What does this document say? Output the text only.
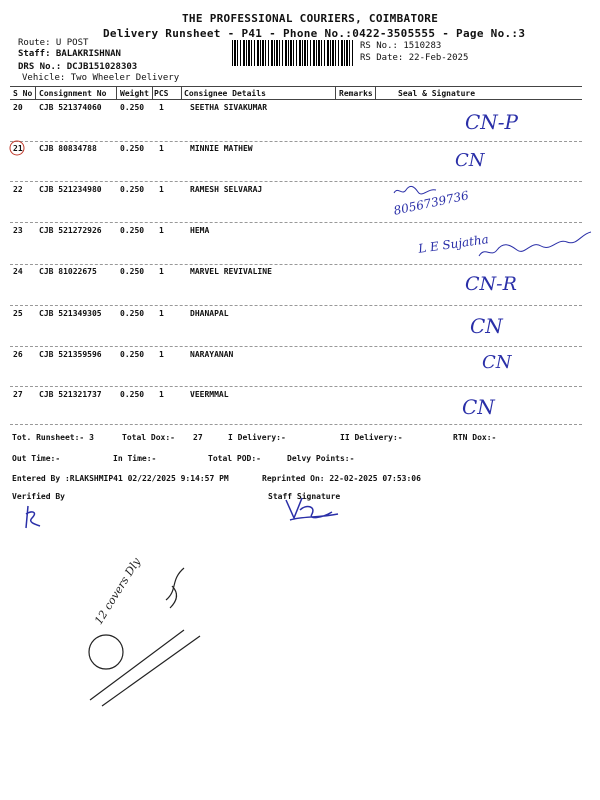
THE PROFESSIONAL COURIERS, COIMBATORE
Delivery Runsheet - P41 - Phone No.:0422-3505555 - Page No.:3
Route: U POST
Staff: BALAKRISHNAN
DRS No.: DCJB151028303
Vehicle: Two Wheeler Delivery
RS No.: 1510283
RS Date: 22-Feb-2025
S No Consignment No Weight PCS Consignee Details	Remarks	Seal & Signature
20 CJB 521374060 0.250 1	SEETHA SIVAKUMAR
CN-P
21 CJB 80834788	0.250 1	MINNIE MATHEW
CN
22 CJB 521234980 0.250 1	RAMESH SELVARAJ	8056739736
23 CJB 521272926 0.250 1	HEMA
L E Sujatha
24 CJB 81022675	0.250 1	MARVEL REVIVALINE
CN-R
25 CJB 521349305 0.250 1	DHANAPAL
CN
26 CJB 521359596 0.250 1	NARAYANAN	CN
27 CJB 521321737 0.250 1	VEERMMAL
CN
Tot. Runsheet:- 3	Total Dox:- 27	I Delivery:-	II Delivery:-	RTN Dox:-
Out Time:-	In Time:-	Total POD:-	Delvy Points:-
Entered By :RLAKSHMIP41 02/22/2025 9:14:57 PM	Reprinted On: 22-02-2025 07:53:06
Verified By	Staff Signature
12 covers Dly
